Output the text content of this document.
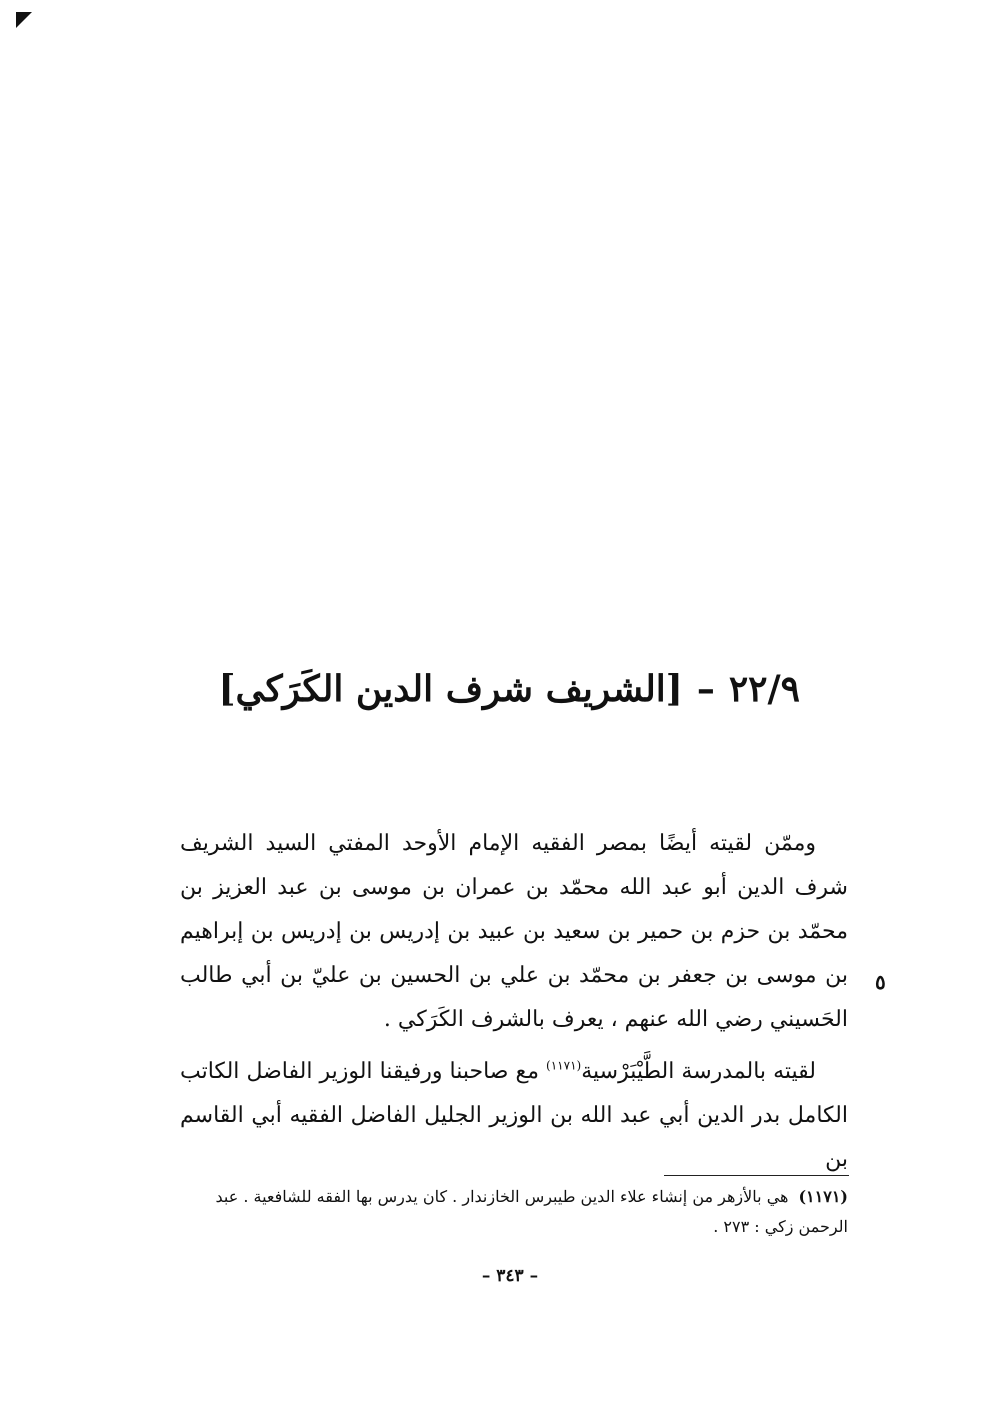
٢٢/٩–[الشريف شرف الدين الكَرَكي]

وممّن لقيته أيضًا بمصر الفقيه الإمام الأوحد المفتي السيد الشريف شرف الدين أبو عبد الله محمّد بن عمران بن موسى بن عبد العزيز بن محمّد بن حزم بن حمير بن سعيد بن عبيد بن إدريس بن إدريس بن إبراهيم بن موسى بن جعفر بن محمّد بن علي بن الحسين بن عليّ بن أبي طالب الحَسيني رضي الله عنهم ، يعرف بالشرف الكَرَكي .

لقيته بالمدرسة الطَّيْبَرْسية$^{(١١٧١)}$ مع صاحبنا ورفيقنا الوزير الفاضل الكاتب الكامل بدر الدين أبي عبد الله بن الوزير الجليل الفاضل الفقيه أبي القاسم بن

٥
(١١٧١)هي بالأزهر من إنشاء علاء الدين طيبرس الخازندار . كان يدرس بها الفقه للشافعية . عبد الرحمن زكي : ٢٧٣ .
– ٣٤٣ –
